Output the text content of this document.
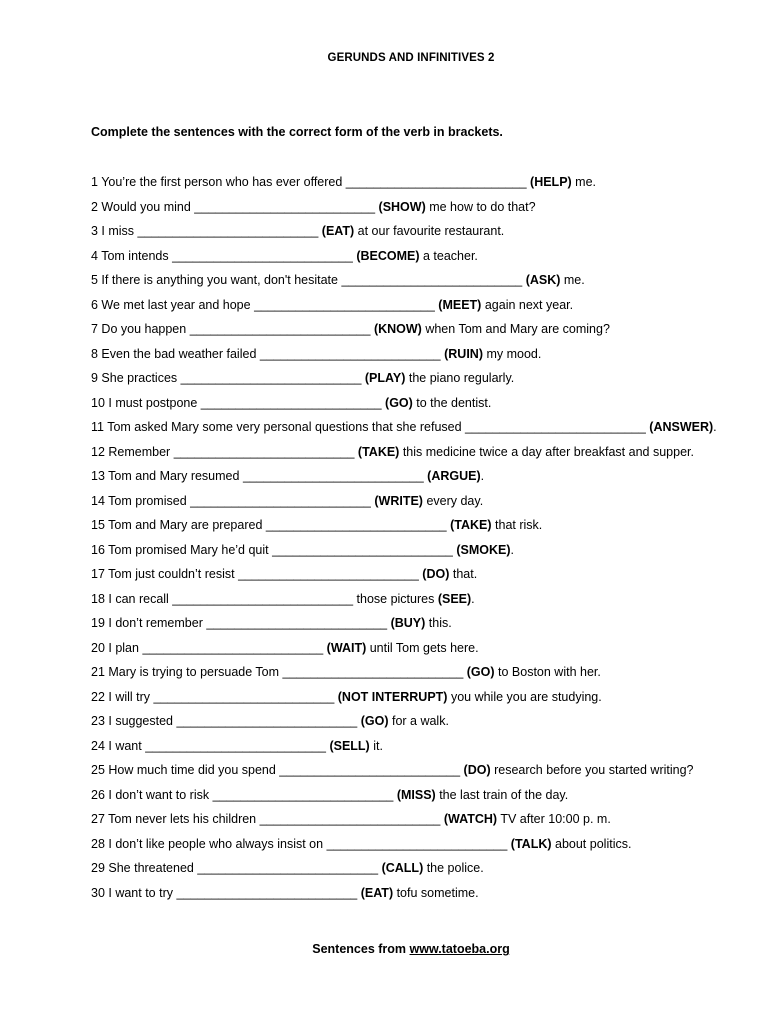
GERUNDS AND INFINITIVES 2
Complete the sentences with the correct form of the verb in brackets.
1 You’re the first person who has ever offered __________________________ (HELP) me.
2 Would you mind __________________________ (SHOW) me how to do that?
3 I miss __________________________ (EAT) at our favourite restaurant.
4 Tom intends __________________________ (BECOME) a teacher.
5 If there is anything you want, don't hesitate __________________________ (ASK) me.
6 We met last year and hope __________________________ (MEET) again next year.
7 Do you happen __________________________ (KNOW) when Tom and Mary are coming?
8 Even the bad weather failed __________________________ (RUIN) my mood.
9 She practices __________________________ (PLAY) the piano regularly.
10 I must postpone __________________________ (GO) to the dentist.
11 Tom asked Mary some very personal questions that she refused __________________________ (ANSWER).
12 Remember __________________________ (TAKE) this medicine twice a day after breakfast and supper.
13 Tom and Mary resumed __________________________ (ARGUE).
14 Tom promised __________________________ (WRITE) every day.
15 Tom and Mary are prepared __________________________ (TAKE) that risk.
16 Tom promised Mary he’d quit __________________________ (SMOKE).
17 Tom just couldn’t resist __________________________ (DO) that.
18 I can recall __________________________ those pictures (SEE).
19 I don’t remember __________________________ (BUY) this.
20 I plan __________________________ (WAIT) until Tom gets here.
21 Mary is trying to persuade Tom __________________________ (GO) to Boston with her.
22 I will try __________________________ (NOT INTERRUPT) you while you are studying.
23 I suggested __________________________ (GO) for a walk.
24 I want __________________________ (SELL) it.
25 How much time did you spend __________________________ (DO) research before you started writing?
26 I don’t want to risk __________________________ (MISS) the last train of the day.
27 Tom never lets his children __________________________ (WATCH) TV after 10:00 p. m.
28 I don’t like people who always insist on __________________________ (TALK) about politics.
29 She threatened __________________________ (CALL) the police.
30 I want to try __________________________ (EAT) tofu sometime.
Sentences from www.tatoeba.org
